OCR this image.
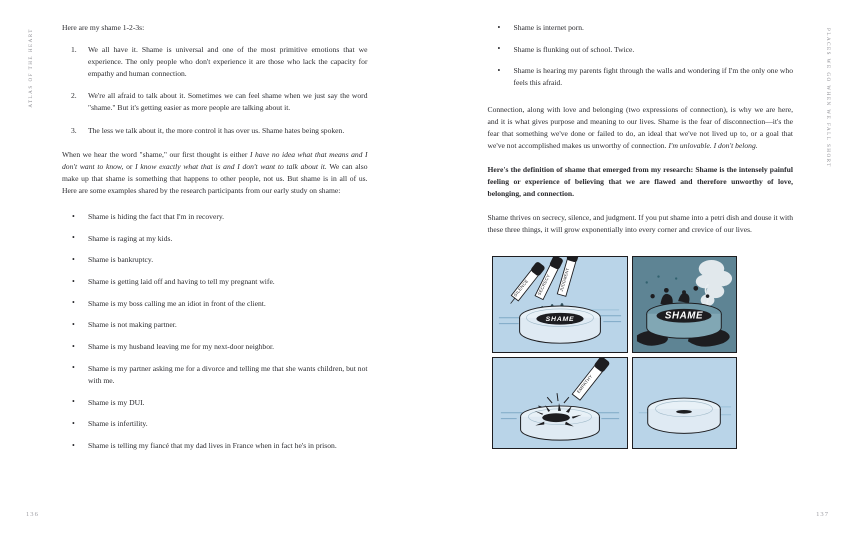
ATLAS OF THE HEART

Here are my shame 1-2-3s:

We all have it. Shame is universal and one of the most primitive emotions that we experience. The only people who don't experience it are those who lack the capacity for empathy and human connection.
We're all afraid to talk about it. Sometimes we can feel shame when we just say the word "shame." But it's getting easier as more people are talking about it.
The less we talk about it, the more control it has over us. Shame hates being spoken.

When we hear the word "shame," our first thought is either I have no idea what that means and I don't want to know, or I know exactly what that is and I don't want to talk about it. We can also make up that shame is something that happens to other people, not us. But shame is in all of us. Here are some examples shared by the research participants from our early study on shame:

• Shame is hiding the fact that I'm in recovery.
• Shame is raging at my kids.
• Shame is bankruptcy.
• Shame is getting laid off and having to tell my pregnant wife.
• Shame is my boss calling me an idiot in front of the client.
• Shame is not making partner.
• Shame is my husband leaving me for my next-door neighbor.
• Shame is my partner asking me for a divorce and telling me that she wants children, but not with me.
• Shame is my DUI.
• Shame is infertility.
• Shame is telling my fiancé that my dad lives in France when in fact he's in prison.
136
PLACES WE GO WHEN WE FALL SHORT
• Shame is internet porn.
• Shame is flunking out of school. Twice.
• Shame is hearing my parents fight through the walls and wondering if I'm the only one who feels this afraid.

Connection, along with love and belonging (two expressions of connection), is why we are here, and it is what gives purpose and meaning to our lives. Shame is the fear of disconnection—it's the fear that something we've done or failed to do, an ideal that we've not lived up to, or a goal that we've not accomplished makes us unworthy of connection. I'm unlovable. I don't belong.

Here's the definition of shame that emerged from my research: Shame is the intensely painful feeling or experience of believing that we are flawed and therefore unworthy of love, belonging, and connection.

Shame thrives on secrecy, silence, and judgment. If you put shame into a petri dish and douse it with these three things, it will grow exponentially into every corner and crevice of our lives.

SILENCE SECRECY JUDGMENT
SHAME	SHAME
EMPATHY
137
